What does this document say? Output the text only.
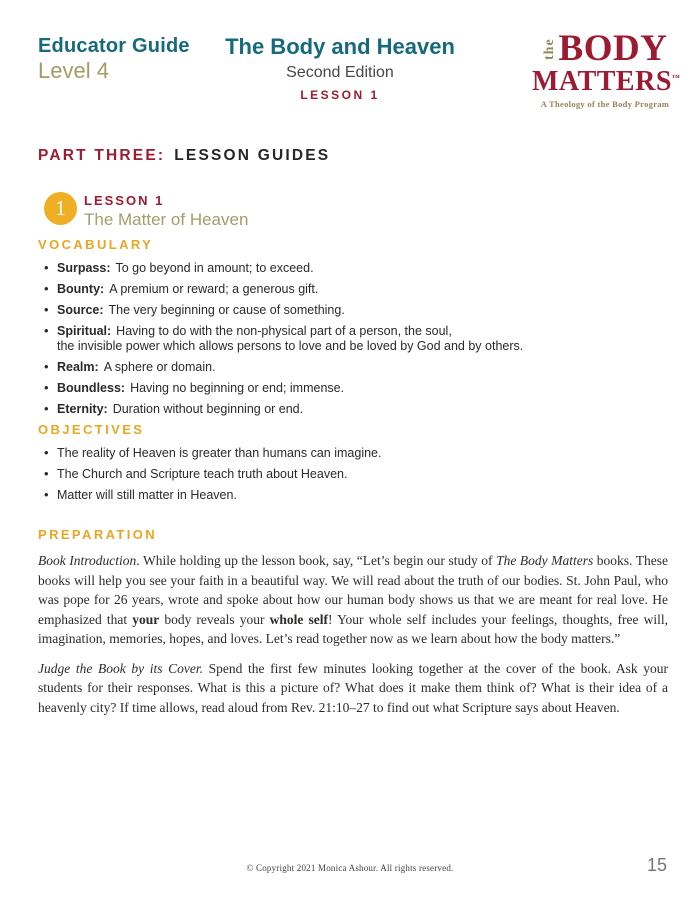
Educator Guide
Level 4
The Body and Heaven
Second Edition
LESSON 1
the BODY
MATTERS™
A Theology of the Body Program
PART THREE: LESSON GUIDES
1	LESSON 1
The Matter of Heaven
VOCABULARY
• Surpass: To go beyond in amount; to exceed.
• Bounty: A premium or reward; a generous gift.
• Source: The very beginning or cause of something.
• Spiritual: Having to do with the non-physical part of a person, the soul,
the invisible power which allows persons to love and be loved by God and by others.
• Realm: A sphere or domain.
• Boundless: Having no beginning or end; immense.
• Eternity: Duration without beginning or end.
OBJECTIVES
• The reality of Heaven is greater than humans can imagine.
• The Church and Scripture teach truth about Heaven.
• Matter will still matter in Heaven.
PREPARATION

Book Introduction. While holding up the lesson book, say, “Let’s begin our study of The Body Matters books. These books will help you see your faith in a beautiful way. We will read about the truth of our bodies. St. John Paul, who was pope for 26 years, wrote and spoke about how our human body shows us that we are meant for real love. He emphasized that your body reveals your whole self! Your whole self includes your feelings, thoughts, free will, imagination, memories, hopes, and loves. Let’s read together now as we learn about how the body matters.”

Judge the Book by its Cover. Spend the first few minutes looking together at the cover of the book. Ask your students for their responses. What is this a picture of? What does it make them think of? What is their idea of a heavenly city? If time allows, read aloud from Rev. 21:10–27 to find out what Scripture says about Heaven.

© Copyright 2021 Monica Ashour. All rights reserved.	15
